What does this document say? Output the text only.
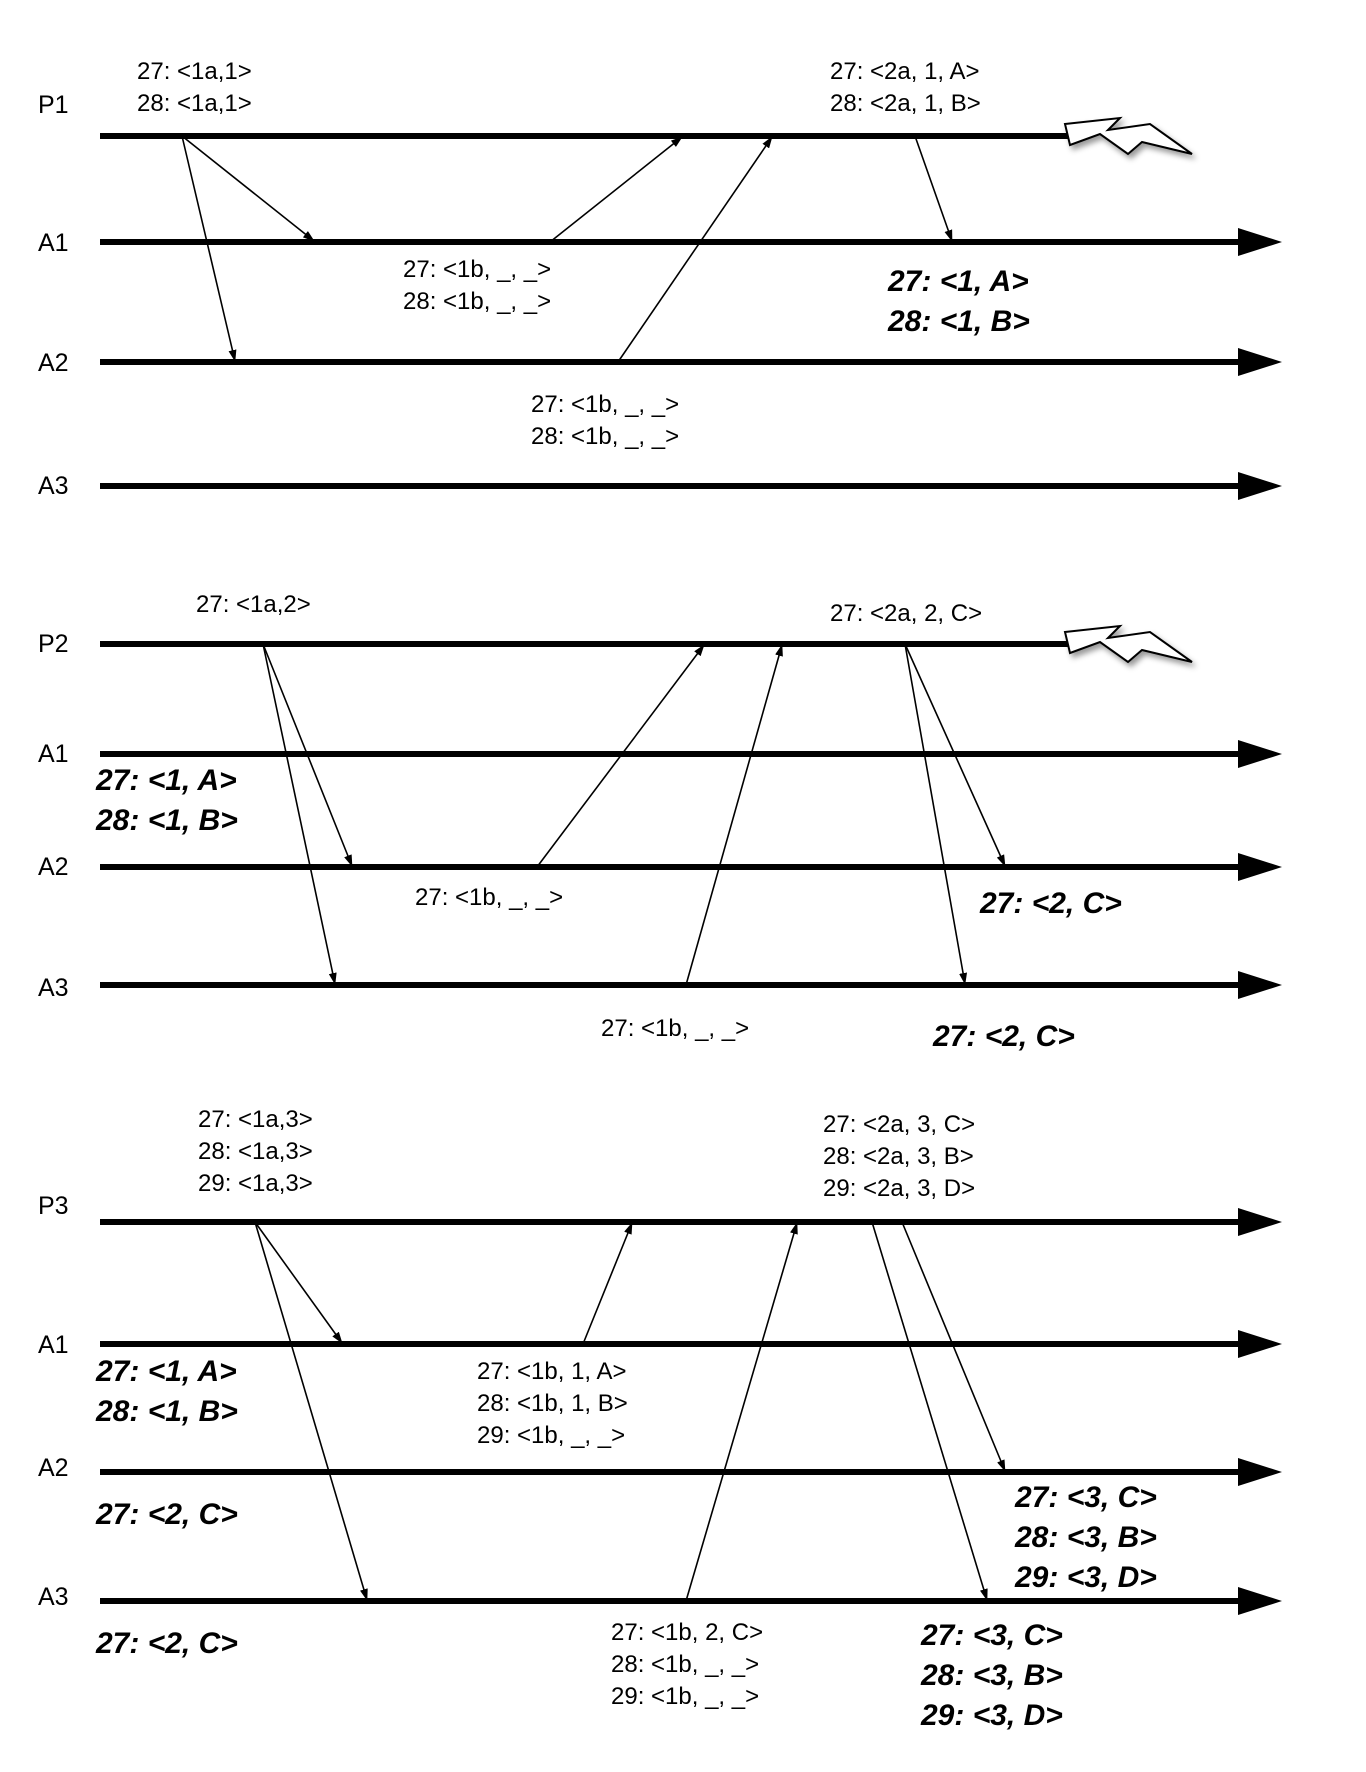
P1
A1
A2
A3
27: <1a,1>
28: <1a,1>
27: <2a, 1, A>
28: <2a, 1, B>
27: <1b, _, _>
28: <1b, _, _>
27: <1b, _, _>
28: <1b, _, _>
27: <1, A>
28: <1, B>
P2
A1
A2
A3
27: <1a,2>	27: <2a, 2, C>
27: <1b, _, _>
27: <1b, _, _>
27: <1, A>
28: <1, B>
27: <2, C>
27: <2, C>
P3
A1
A2
A3
27: <1a,3>
28: <1a,3>
29: <1a,3>
27: <2a, 3, C>
28: <2a, 3, B>
29: <2a, 3, D>
27: <1b, 1, A>
28: <1b, 1, B>
29: <1b, _, _>
27: <1b, 2, C>
28: <1b, _, _>
29: <1b, _, _>
27: <1, A>
28: <1, B>
27: <2, C>
27: <3, C>
28: <3, B>
29: <3, D>
27: <2, C>	27: <3, C>
28: <3, B>
29: <3, D>
